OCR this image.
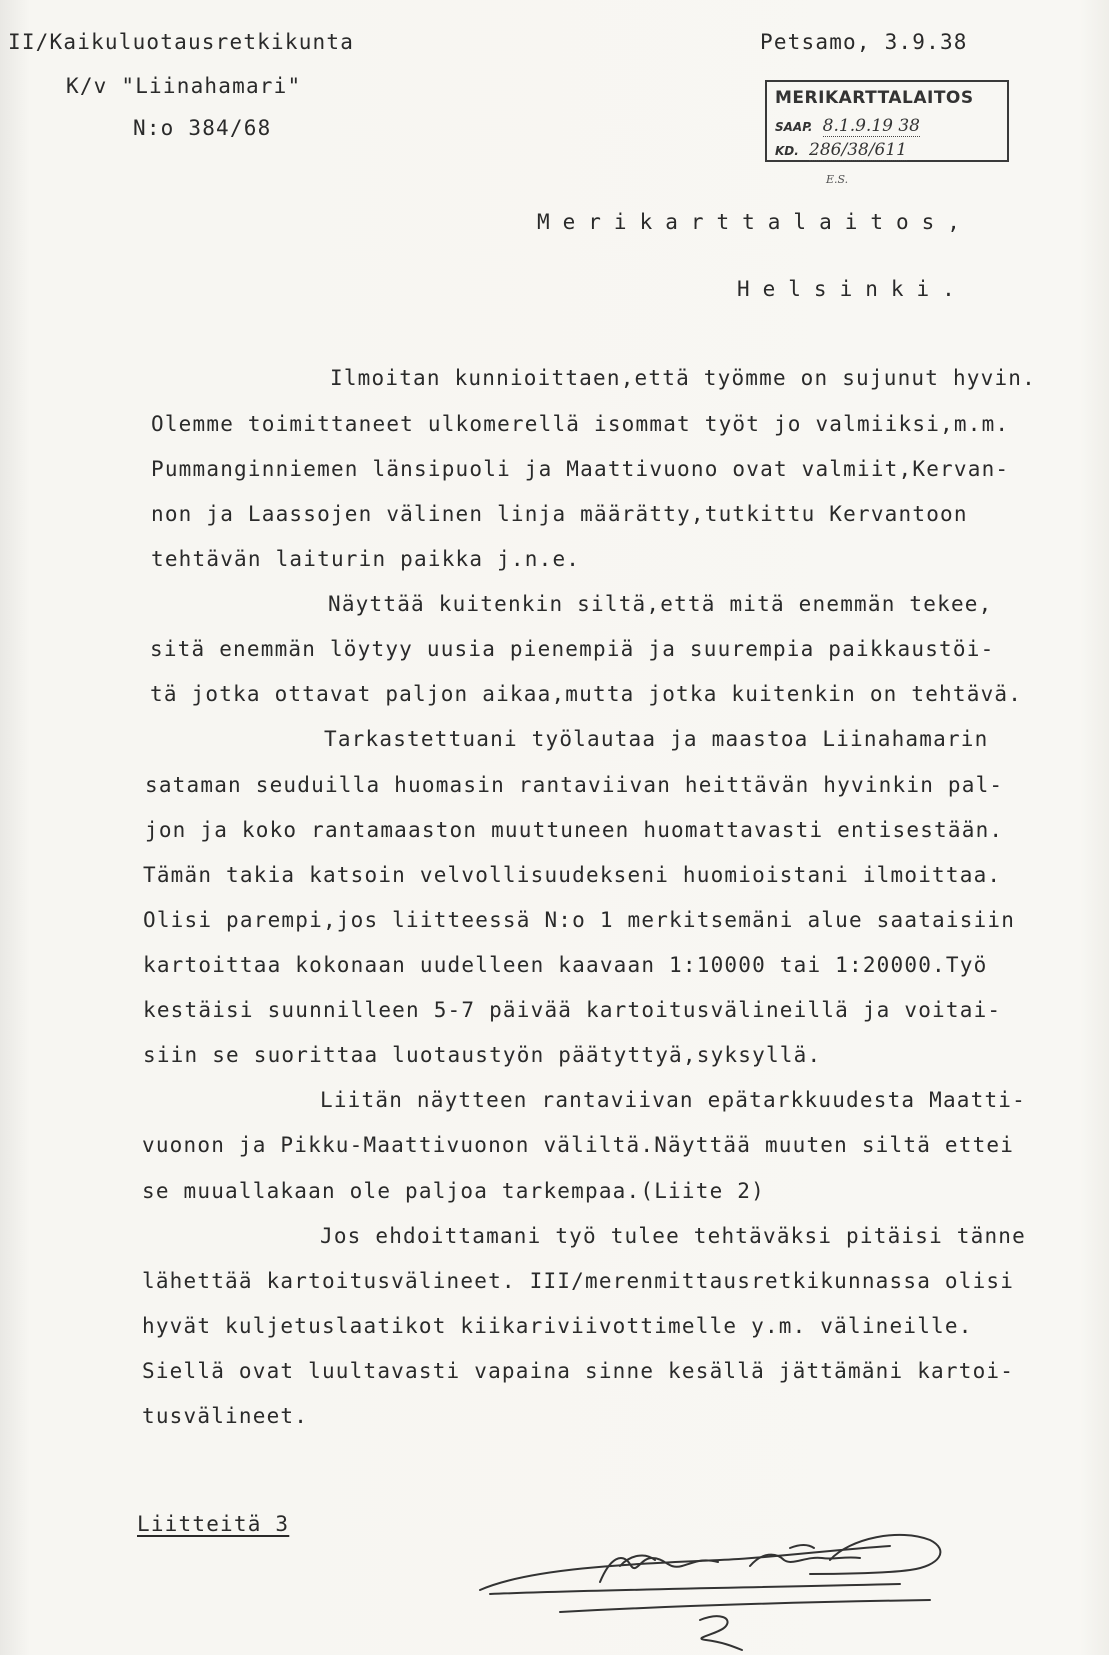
II/Kaikuluotausretkikunta
K/v "Liinahamari"
N:o 384/68
Petsamo, 3.9.38
MERIKARTTALAITOS
SAAP. 8.1.9.19 38
KD. 286/38/611
E.S.
Merikarttalaitos,
Helsinki.
Ilmoitan kunnioittaen,että työmme on sujunut hyvin.
Olemme toimittaneet ulkomerellä isommat työt jo valmiiksi,m.m.
Pummanginniemen länsipuoli ja Maattivuono ovat valmiit,Kervan-
non ja Laassojen välinen linja määrätty,tutkittu Kervantoon
tehtävän laiturin paikka j.n.e.
Näyttää kuitenkin siltä,että mitä enemmän tekee,
sitä enemmän löytyy uusia pienempiä ja suurempia paikkaustöi-
tä jotka ottavat paljon aikaa,mutta jotka kuitenkin on tehtävä.
Tarkastettuani työlautaa ja maastoa Liinahamarin
sataman seuduilla huomasin rantaviivan heittävän hyvinkin pal-
jon ja koko rantamaaston muuttuneen huomattavasti entisestään.
Tämän takia katsoin velvollisuudekseni huomioistani ilmoittaa.
Olisi parempi,jos liitteessä N:o 1 merkitsemäni alue saataisiin
kartoittaa kokonaan uudelleen kaavaan 1:10000 tai 1:20000.Työ
kestäisi suunnilleen 5-7 päivää kartoitusvälineillä ja voitai-
siin se suorittaa luotaustyön päätyttyä,syksyllä.
Liitän näytteen rantaviivan epätarkkuudesta Maatti-
vuonon ja Pikku-Maattivuonon väliltä.Näyttää muuten siltä ettei
se muuallakaan ole paljoa tarkempaa.(Liite 2)
Jos ehdoittamani työ tulee tehtäväksi pitäisi tänne
lähettää kartoitusvälineet. III/merenmittausretkikunnassa olisi
hyvät kuljetuslaatikot kiikariviivottimelle y.m. välineille.
Siellä ovat luultavasti vapaina sinne kesällä jättämäni kartoi-
tusvälineet.
Liitteitä 3
